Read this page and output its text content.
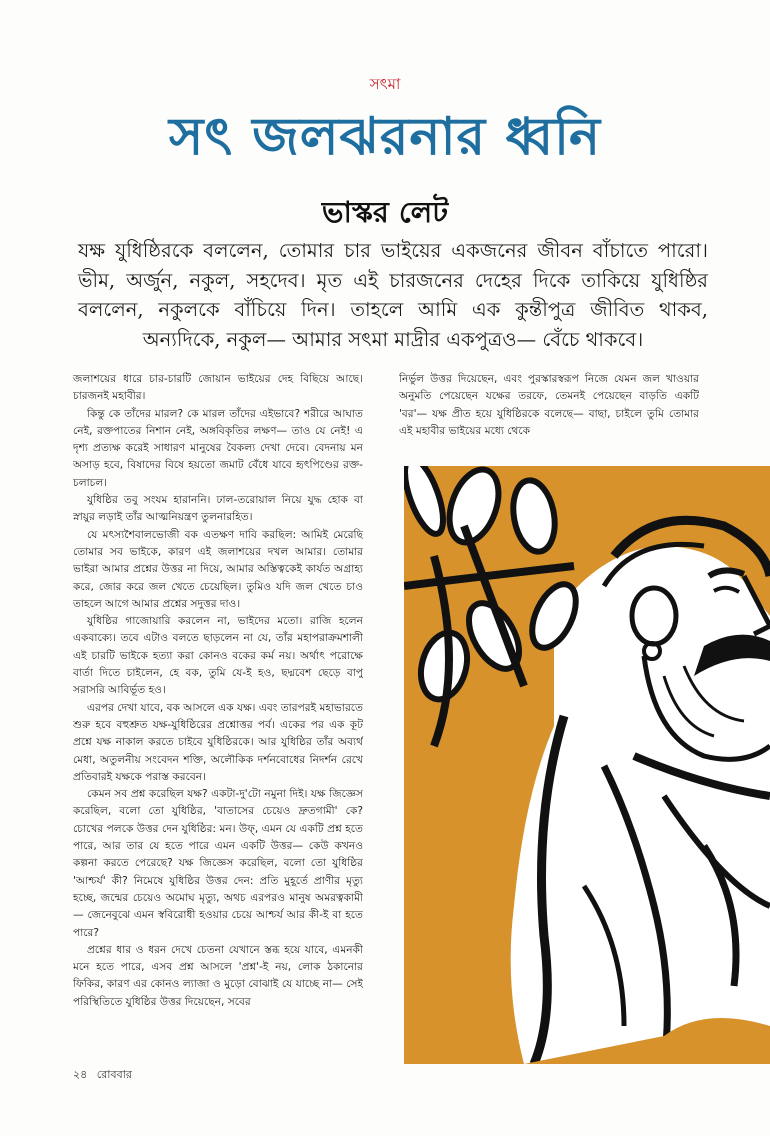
সৎমা
সৎ জলঝরনার ধ্বনি
ভাস্কর লেট
যক্ষ যুধিষ্ঠিরকে বললেন, তোমার চার ভাইয়ের একজনের জীবন বাঁচাতে পারো। ভীম, অর্জুন, নকুল, সহদেব। মৃত এই চারজনের দেহের দিকে তাকিয়ে যুধিষ্ঠির বললেন, নকুলকে বাঁচিয়ে দিন। তাহলে আমি এক কুন্তীপুত্র জীবিত থাকব, অন্যদিকে, নকুল— আমার সৎমা মাদ্রীর একপুত্রও— বেঁচে থাকবে।

জলাশয়ের ধারে চার-চারটি জোয়ান ভাইয়ের দেহ বিছিয়ে আছে। চারজনই মহাবীর।

কিন্তু কে তাঁদের মারল? কে মারল তাঁদের এইভাবে? শরীরে আঘাত নেই, রক্তপাতের নিশান নেই, অঙ্গবিকৃতির লক্ষণ— তাও যে নেই! এ দৃশ্য প্রত্যক্ষ করেই সাধারণ মানুষের বৈকল্য দেখা দেবে। বেদনায় মন অসাড় হবে, বিষাদের বিষে হয়তো জমাট বেঁধে যাবে হৃৎপিণ্ডের রক্ত-চলাচল।

যুধিষ্ঠির তবু সংযম হারাননি। ঢাল-তরোয়াল নিয়ে যুদ্ধ হোক বা স্নায়ুর লড়াই তাঁর আত্মনিয়ন্ত্রণ তুলনারহিত।

যে মৎস্যশৈবালভোজী বক এতক্ষণ দাবি করছিল: আমিই মেরেছি তোমার সব ভাইকে, কারণ এই জলাশয়ের দখল আমার। তোমার ভাইরা আমার প্রশ্নের উত্তর না দিয়ে, আমার অস্তিত্বকেই কার্যত অগ্রাহ্য করে, জোর করে জল খেতে চেয়েছিল। তুমিও যদি জল খেতে চাও তাহলে আগে আমার প্রশ্নের সদুত্তর দাও।

যুধিষ্ঠির গাজোয়ারি করলেন না, ভাইদের মতো। রাজি হলেন একবাক্যে। তবে এটাও বলতে ছাড়লেন না যে, তাঁর মহাপরাক্রমশালী এই চারটি ভাইকে হত্যা করা কোনও বকের কর্ম নয়। অর্থাৎ পরোক্ষে বার্তা দিতে চাইলেন, হে বক, তুমি যে-ই হও, ছদ্মবেশ ছেড়ে বাপু সরাসরি আবির্ভূত হও।

এরপর দেখা যাবে, বক আসলে এক যক্ষ। এবং তারপরই মহাভারতে শুরু হবে বহুশ্রুত যক্ষ-যুধিষ্ঠিরের প্রশ্নোত্তর পর্ব। একের পর এক কূট প্রশ্নে যক্ষ নাকাল করতে চাইবে যুধিষ্ঠিরকে। আর যুধিষ্ঠির তাঁর অব্যর্থ মেধা, অতুলনীয় সংবেদন শক্তি, অলৌকিক দর্শনবোধের নিদর্শন রেখে প্রতিবারই যক্ষকে পরাস্ত করবেন।

কেমন সব প্রশ্ন করেছিল যক্ষ? একটা-দু'টো নমুনা দিই। যক্ষ জিজ্ঞেস করেছিল, বলো তো যুধিষ্ঠির, 'বাতাসের চেয়েও দ্রুতগামী' কে? চোখের পলকে উত্তর দেন যুধিষ্ঠির: মন। উফ্‌, এমন যে একটি প্রশ্ন হতে পারে, আর তার যে হতে পারে এমন একটি উত্তর— কেউ কখনও কল্পনা করতে পেরেছে? যক্ষ জিজ্ঞেস করেছিল, বলো তো যুধিষ্ঠির 'আশ্চর্য' কী? নিমেষে যুধিষ্ঠির উত্তর দেন: প্রতি মুহূর্তে প্রাণীর মৃত্যু হচ্ছে, জন্মের চেয়েও অমোঘ মৃত্যু, অথচ এরপরও মানুষ অমরত্বকামী— জেনেবুঝে এমন স্ববিরোধী হওয়ার চেয়ে আশ্চর্য আর কী-ই বা হতে পারে?

প্রশ্নের ধার ও ধরন দেখে চেতনা যেখানে স্তব্ধ হয়ে যাবে, এমনকী মনে হতে পারে, এসব প্রশ্ন আসলে 'প্রশ্ন'-ই নয়, লোক ঠকানোর ফিকির, কারণ এর কোনও ল্যাজা ও মুড়ো বোঝাই যে যাচ্ছে না— সেই পরিস্থিতিতে যুধিষ্ঠির উত্তর দিয়েছেন, সবের

নির্ভুল উত্তর দিয়েছেন, এবং পুরস্কারস্বরূপ নিজে যেমন জল খাওয়ার অনুমতি পেয়েছেন যক্ষের তরফে, তেমনই পেয়েছেন বাড়তি একটি 'বর'— যক্ষ প্রীত হয়ে যুধিষ্ঠিরকে বলেছে— বাছা, চাইলে তুমি তোমার এই মহাবীর ভাইয়ের মধ্যে থেকে

২৪ রোববার
